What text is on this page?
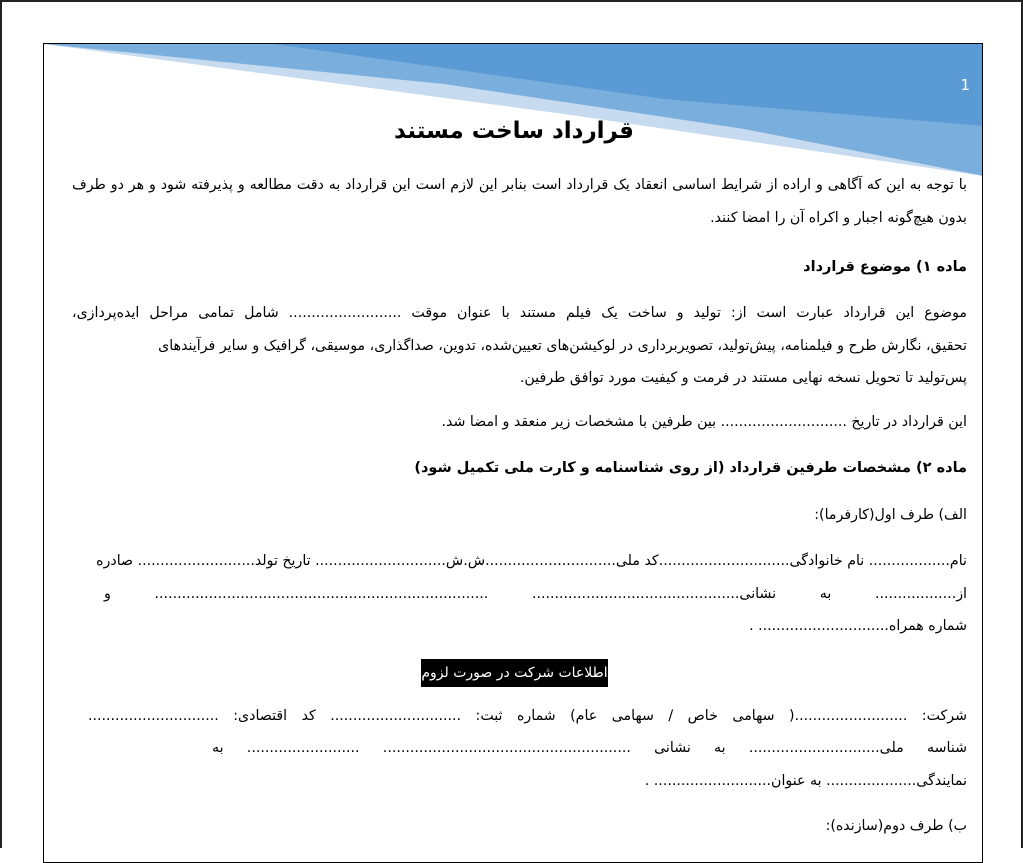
1
قرارداد ساخت مستند
با توجه به این که آگاهی و اراده از شرایط اساسی انعقاد یک قرارداد است بنابر این لازم است این قرارداد به دقت مطالعه و پذیرفته شود و هر دو طرف
بدون هیچ‌گونه اجبار و اکراه آن را امضا کنند.
ماده ۱) موضوع قرارداد
موضوع این قرارداد عبارت است از: تولید و ساخت یک فیلم مستند با عنوان موقت ......................... شامل تمامی مراحل ایده‌پردازی،
تحقیق، نگارش طرح و فیلمنامه، پیش‌تولید، تصویربرداری در لوکیشن‌های تعیین‌شده، تدوین، صداگذاری، موسیقی، گرافیک و سایر فرآیندهای
پس‌تولید تا تحویل نسخه نهایی مستند در فرمت و کیفیت مورد توافق طرفین.
این قرارداد در تاریخ ............................ بین طرفین با مشخصات زیر منعقد و امضا شد.
ماده ۲) مشخصات طرفین قرارداد (از روی شناسنامه و کارت ملی تکمیل شود)
الف) طرف اول(کارفرما):
نام.................. نام خانوادگی.............................کد ملی.............................ش.ش............................. تاریخ تولد.......................... صادره
از.................. به نشانی.............................................. .......................................................................... و
شماره همراه............................. .
اطلاعات شرکت در صورت لزوم
شرکت: .........................( سهامی خاص / سهامی عام) شماره ثبت: ............................. کد اقتصادی: .............................
شناسه ملی............................. به نشانی ....................................................... ......................... به
نمایندگی.................... به عنوان.......................... .
ب) طرف دوم(سازنده):
